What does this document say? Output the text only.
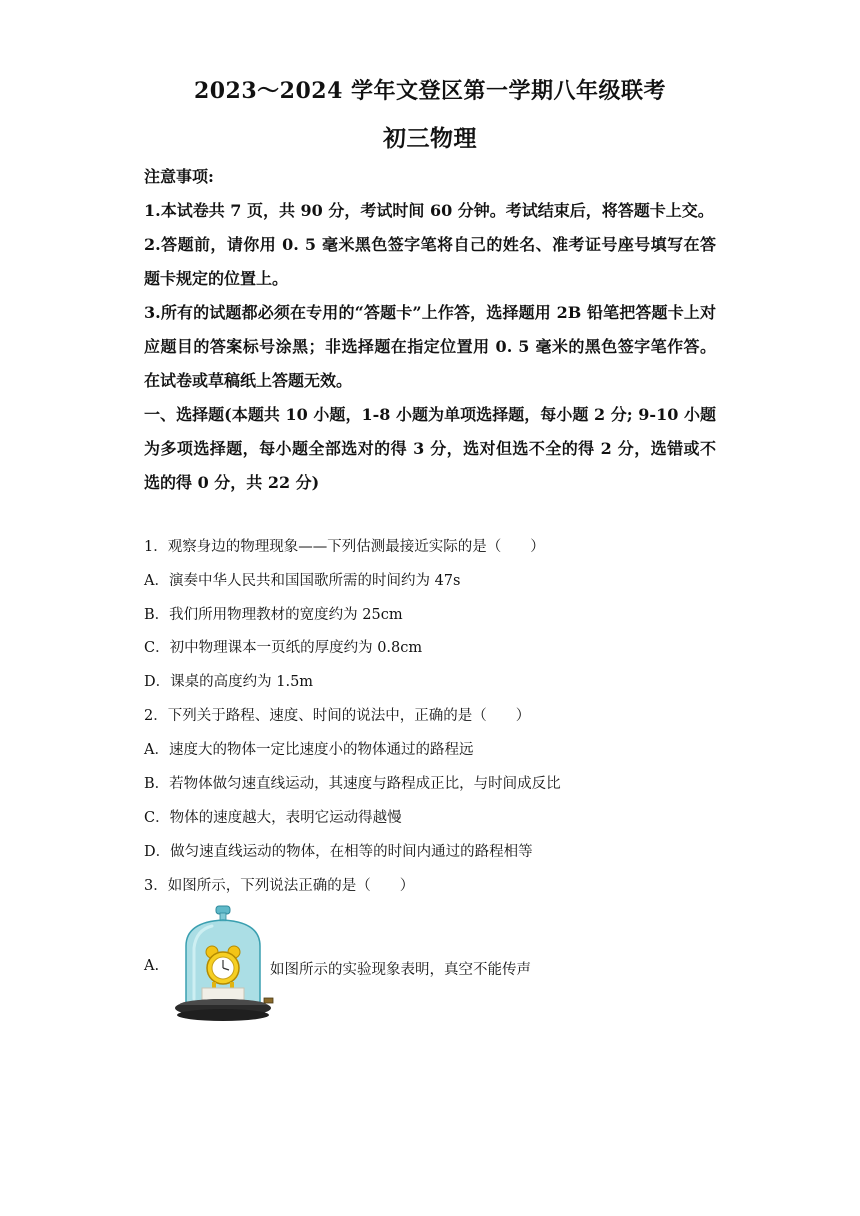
2023～2024 学年文登区第一学期八年级联考
初三物理

注意事项:

1.本试卷共 7 页，共 90 分，考试时间 60 分钟。考试结束后，将答题卡上交。

2.答题前，请你用 0. 5 毫米黑色签字笔将自己的姓名、准考证号座号填写在答题卡规定的位置上。

3.所有的试题都必须在专用的“答题卡”上作答，选择题用 2B 铅笔把答题卡上对应题目的答案标号涂黑；非选择题在指定位置用 0. 5 毫米的黑色签字笔作答。在试卷或草稿纸上答题无效。

一、选择题(本题共 10 小题，1-8 小题为单项选择题，每小题 2 分; 9-10 小题为多项选择题，每小题全部选对的得 3 分，选对但选不全的得 2 分，选错或不选的得 0 分，共 22 分)

1．观察身边的物理现象——下列估测最接近实际的是（　　）
A．演奏中华人民共和国国歌所需的时间约为 47s
B．我们所用物理教材的宽度约为 25cm
C．初中物理课本一页纸的厚度约为 0.8cm
D．课桌的高度约为 1.5m
2．下列关于路程、速度、时间的说法中，正确的是（　　）
A．速度大的物体一定比速度小的物体通过的路程远
B．若物体做匀速直线运动，其速度与路程成正比，与时间成反比
C．物体的速度越大，表明它运动得越慢
D．做匀速直线运动的物体，在相等的时间内通过的路程相等
3．如图所示，下列说法正确的是（　　）
A.	如图所示的实验现象表明，真空不能传声
